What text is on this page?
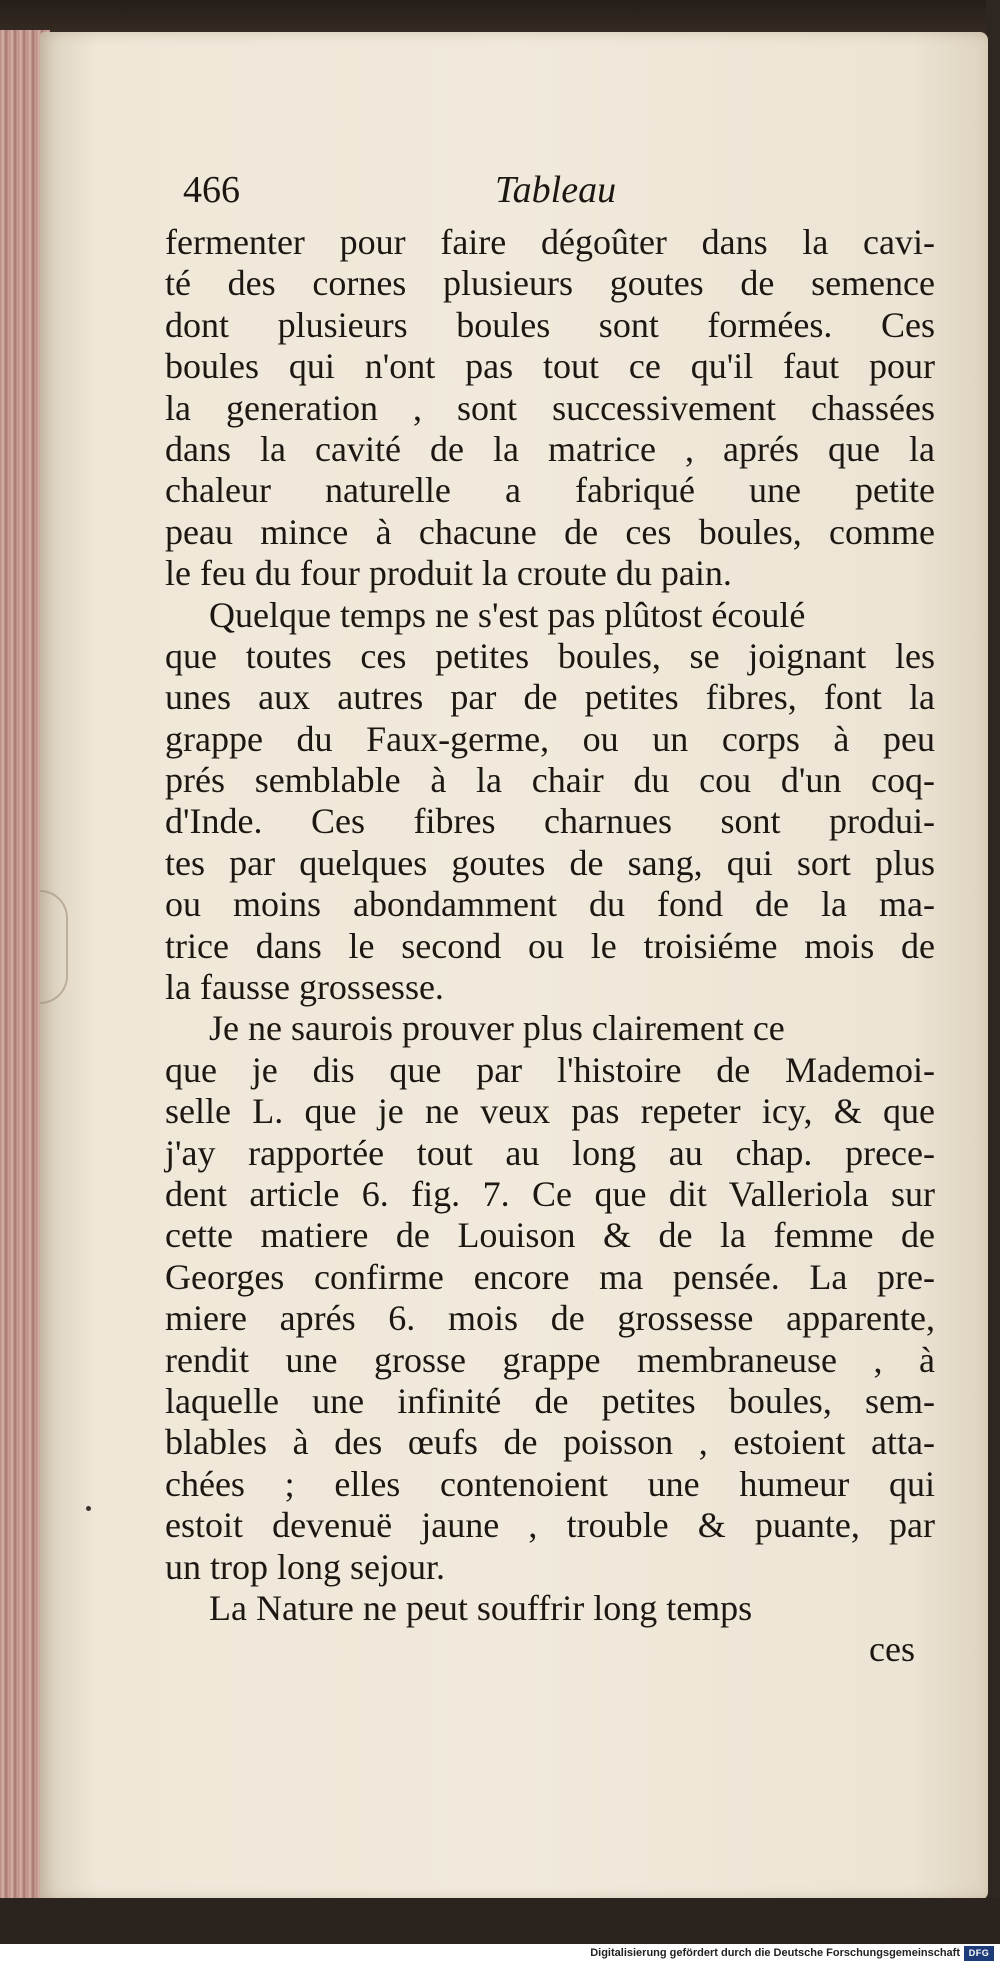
466	Tableau
fermenter pour faire dégoûter dans la cavi-
té des cornes plusieurs goutes de semence
dont plusieurs boules sont formées. Ces
boules qui n'ont pas tout ce qu'il faut pour
la generation , sont successivement chassées
dans la cavité de la matrice , aprés que la
chaleur naturelle a fabriqué une petite
peau mince à chacune de ces boules, comme
le feu du four produit la croute du pain.
Quelque temps ne s'est pas plûtost écoulé
que toutes ces petites boules, se joignant les
unes aux autres par de petites fibres, font la
grappe du Faux-germe, ou un corps à peu
prés semblable à la chair du cou d'un coq-
d'Inde. Ces fibres charnues sont produi-
tes par quelques goutes de sang, qui sort plus
ou moins abondamment du fond de la ma-
trice dans le second ou le troisiéme mois de
la fausse grossesse.
Je ne saurois prouver plus clairement ce
que je dis que par l'histoire de Mademoi-
selle L. que je ne veux pas repeter icy, & que
j'ay rapportée tout au long au chap. prece-
dent article 6. fig. 7. Ce que dit Valleriola sur
cette matiere de Louison & de la femme de
Georges confirme encore ma pensée. La pre-
miere aprés 6. mois de grossesse apparente,
rendit une grosse grappe membraneuse , à
laquelle une infinité de petites boules, sem-
blables à des œufs de poisson , estoient atta-
chées ; elles contenoient une humeur qui
estoit devenuë jaune , trouble & puante, par
un trop long sejour.
La Nature ne peut souffrir long temps
ces
Digitalisierung gefördert durch die Deutsche Forschungsgemeinschaft DFG
